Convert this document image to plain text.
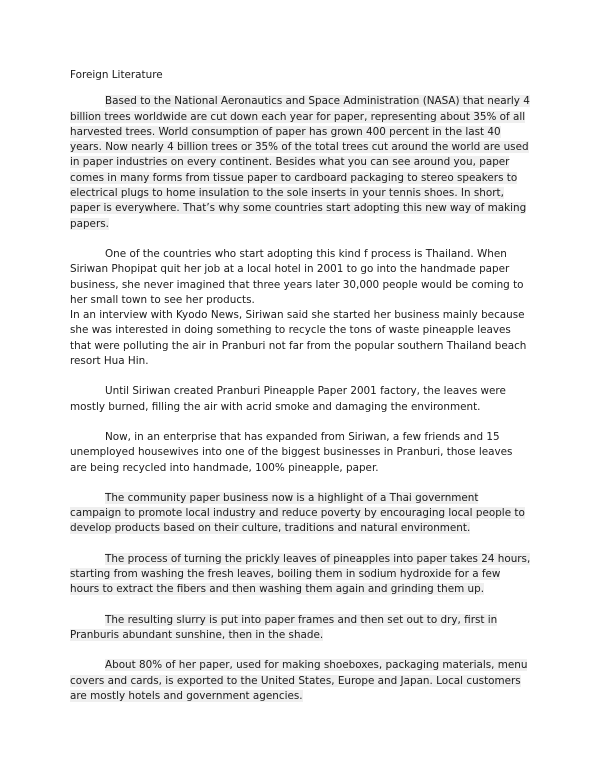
Foreign Literature

Based to the National Aeronautics and Space Administration (NASA) that nearly 4 billion trees worldwide are cut down each year for paper, representing about 35% of all harvested trees. World consumption of paper has grown 400 percent in the last 40 years. Now nearly 4 billion trees or 35% of the total trees cut around the world are used in paper industries on every continent. Besides what you can see around you, paper comes in many forms from tissue paper to cardboard packaging to stereo speakers to electrical plugs to home insulation to the sole inserts in your tennis shoes. In short, paper is everywhere. That’s why some countries start adopting this new way of making papers.

One of the countries who start adopting this kind f process is Thailand. When Siriwan Phopipat quit her job at a local hotel in 2001 to go into the handmade paper business, she never imagined that three years later 30,000 people would be coming to her small town to see her products.

In an interview with Kyodo News, Siriwan said she started her business mainly because she was interested in doing something to recycle the tons of waste pineapple leaves that were polluting the air in Pranburi not far from the popular southern Thailand beach resort Hua Hin.

Until Siriwan created Pranburi Pineapple Paper 2001 factory, the leaves were mostly burned, filling the air with acrid smoke and damaging the environment.

Now, in an enterprise that has expanded from Siriwan, a few friends and 15 unemployed housewives into one of the biggest businesses in Pranburi, those leaves are being recycled into handmade, 100% pineapple, paper.

The community paper business now is a highlight of a Thai government campaign to promote local industry and reduce poverty by encouraging local people to develop products based on their culture, traditions and natural environment.

The process of turning the prickly leaves of pineapples into paper takes 24 hours, starting from washing the fresh leaves, boiling them in sodium hydroxide for a few hours to extract the fibers and then washing them again and grinding them up.

The resulting slurry is put into paper frames and then set out to dry, first in Pranburis abundant sunshine, then in the shade.

About 80% of her paper, used for making shoeboxes, packaging materials, menu covers and cards, is exported to the United States, Europe and Japan. Local customers are mostly hotels and government agencies.
